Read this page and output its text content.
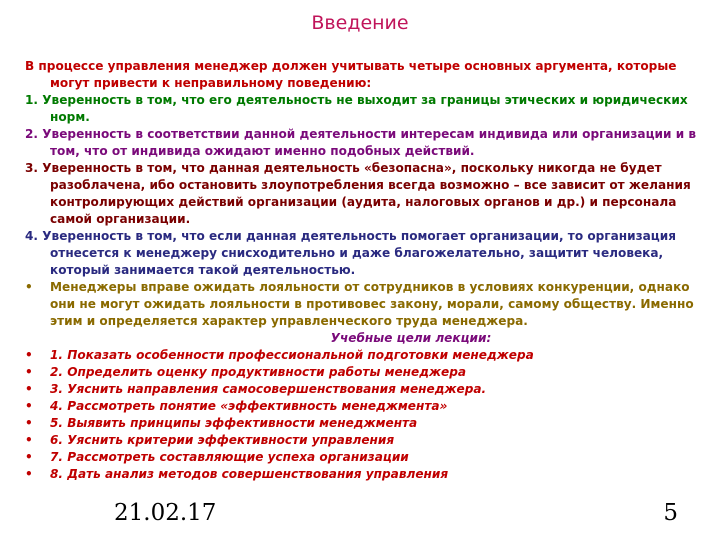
Введение
В процессе управления менеджер должен учитывать четыре основных аргумента, которые могут привести к неправильному поведению:
1. Уверенность в том, что его деятельность не выходит за границы этических и юридических норм.
2. Уверенность в соответствии данной деятельности интересам индивида или организации и в том, что от индивида ожидают именно подобных действий.
3. Уверенность в том, что данная деятельность «безопасна», поскольку никогда не будет разоблачена, ибо остановить злоупотребления всегда возможно – все зависит от желания контролирующих действий организации (аудита, налоговых органов и др.) и персонала самой организации.
4. Уверенность в том, что если данная деятельность помогает организации, то организация отнесется к менеджеру снисходительно и даже благожелательно, защитит человека, который занимается такой деятельностью.
• Менеджеры вправе ожидать лояльности от сотрудников в условиях конкуренции, однако они не могут ожидать лояльности в противовес закону, морали, самому обществу. Именно этим и определяется характер управленческого труда менеджера.
Учебные цели лекции:
• 1. Показать особенности профессиональной подготовки менеджера
• 2. Определить оценку продуктивности работы менеджера
• 3. Уяснить направления самосовершенствования менеджера.
• 4. Рассмотреть понятие «эффективность менеджмента»
• 5. Выявить принципы эффективности менеджмента
• 6. Уяснить критерии эффективности управления
• 7. Рассмотреть составляющие успеха организации
• 8. Дать анализ методов совершенствования управления
21.02.17	5
